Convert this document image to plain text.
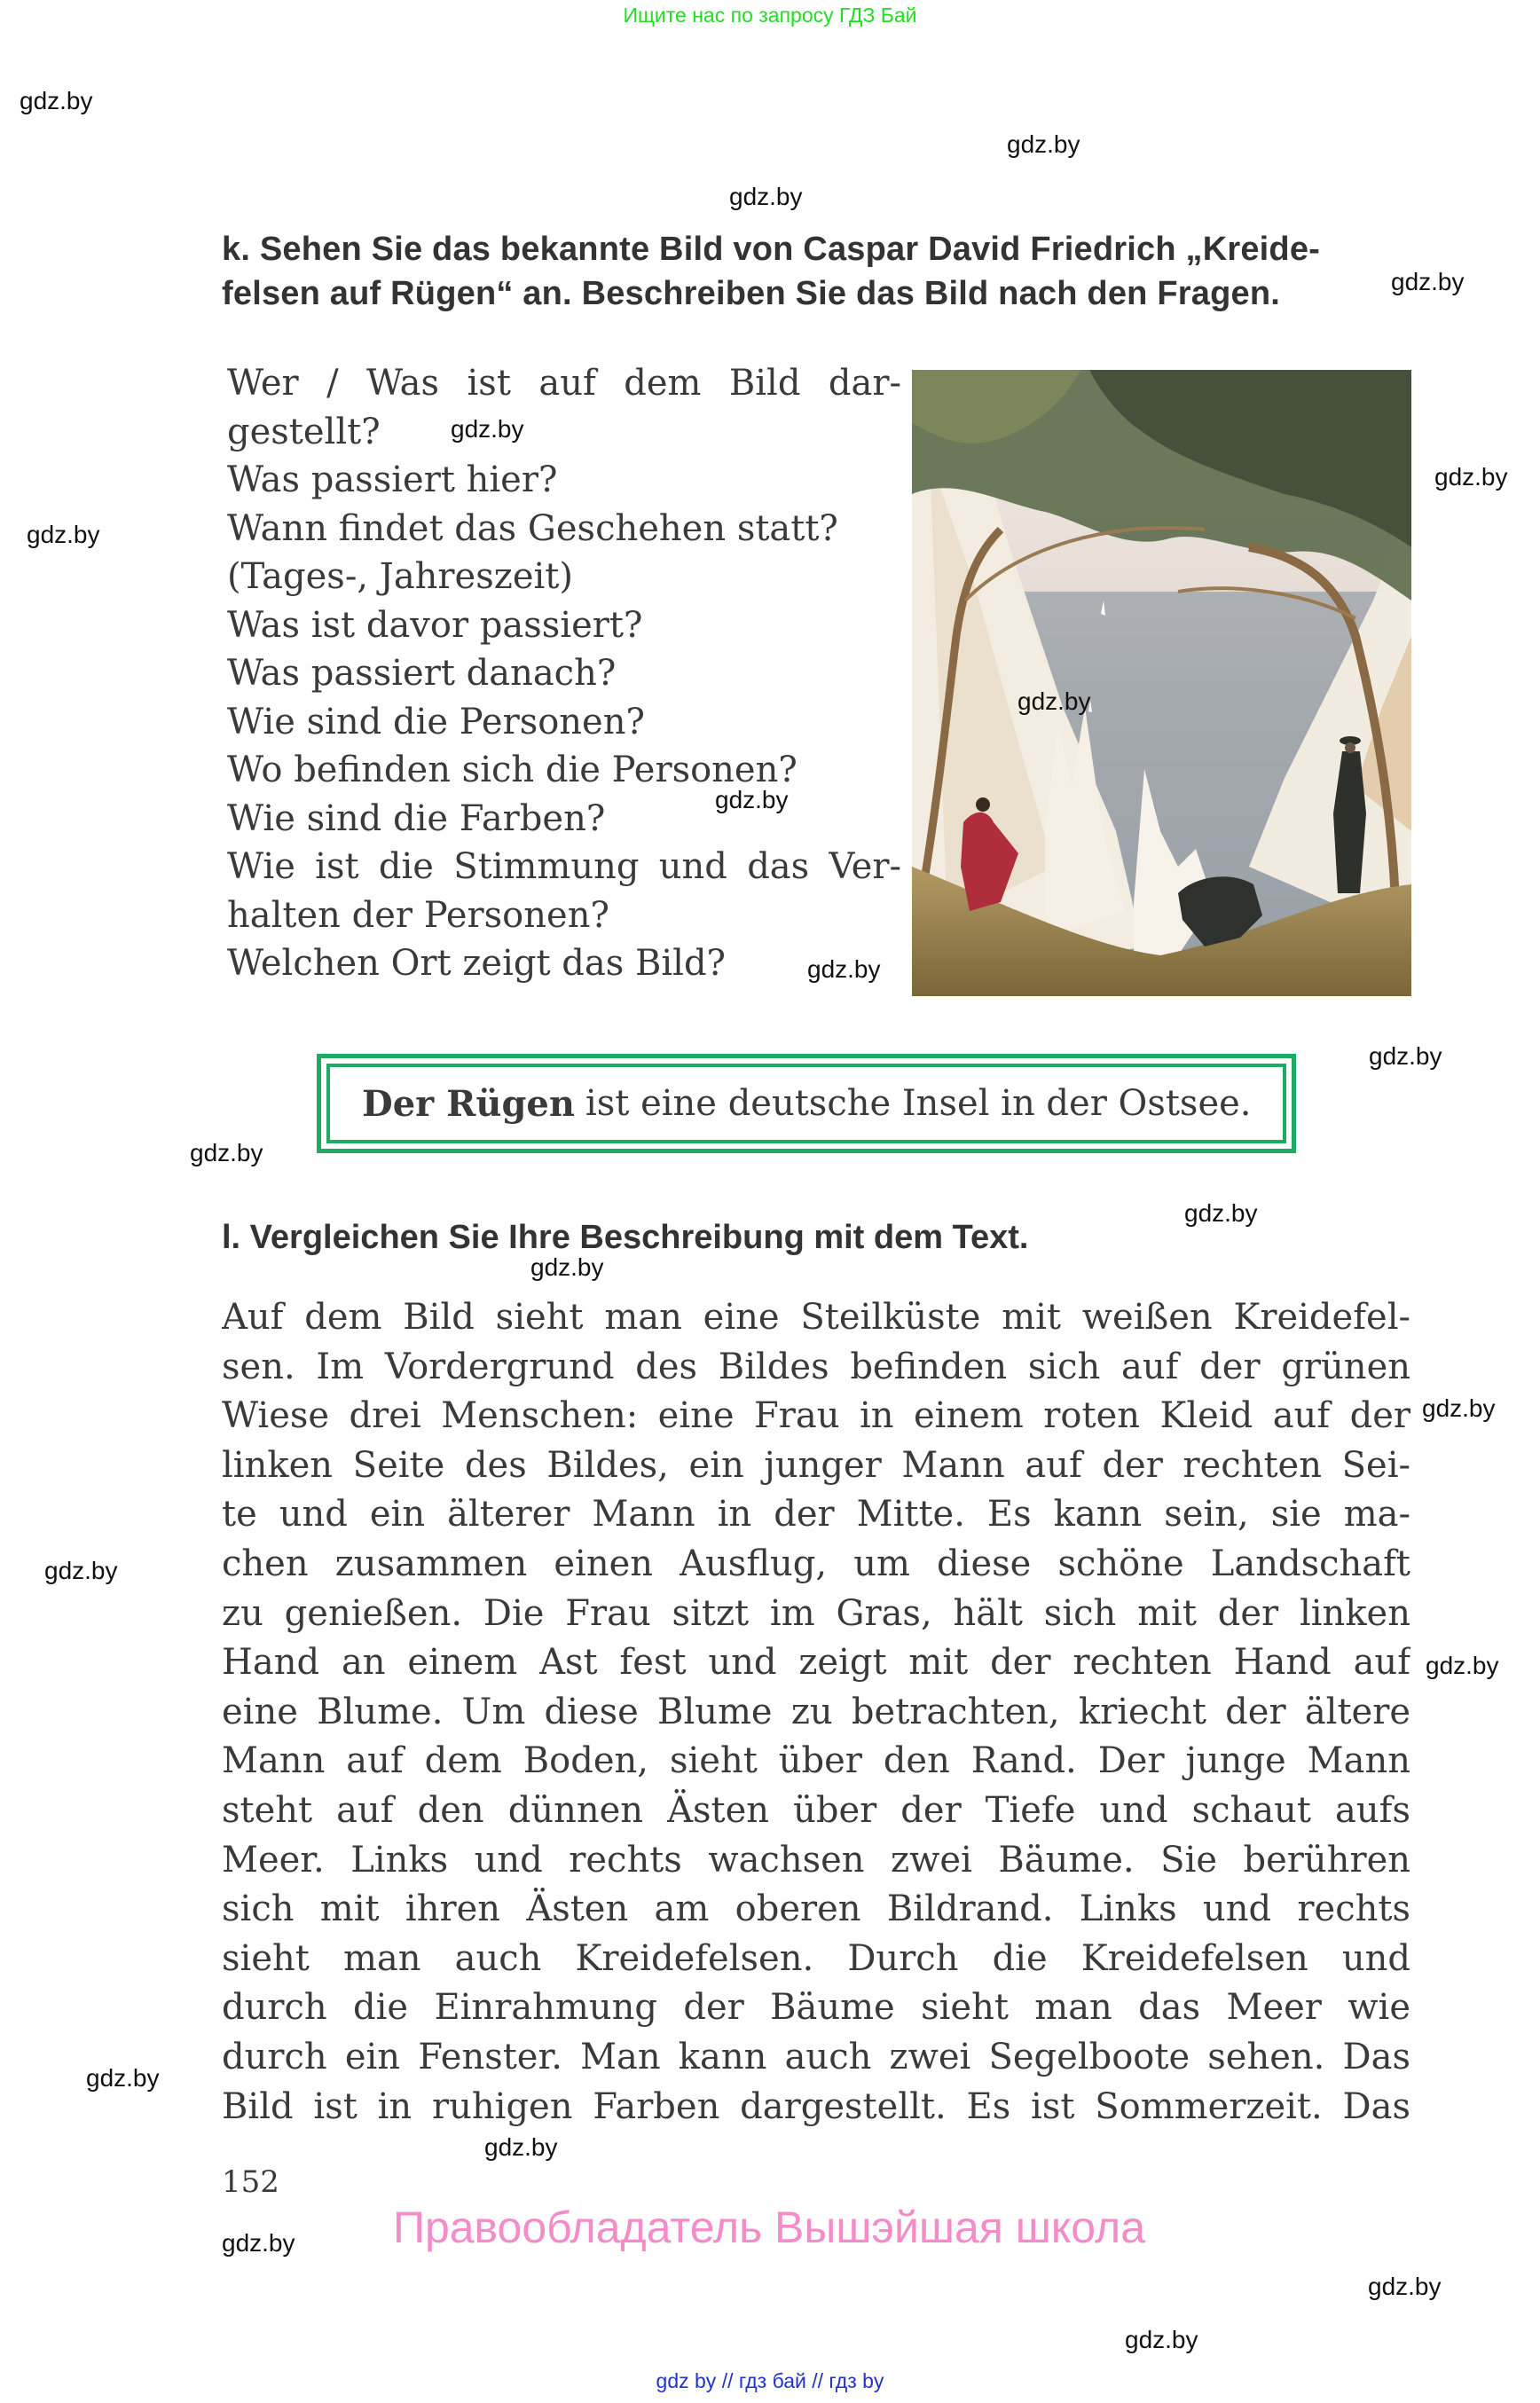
Ищите нас по запросу ГДЗ Бай
k. Sehen Sie das bekannte Bild von Caspar David Friedrich „Kreide-
felsen auf Rügen“ an. Beschreiben Sie das Bild nach den Fragen.
Wer / Was ist auf dem Bild dar-
gestellt?
Was passiert hier?
Wann findet das Geschehen statt?
(Tages-, Jahreszeit)
Was ist davor passiert?
Was passiert danach?
Wie sind die Personen?
Wo befinden sich die Personen?
Wie sind die Farben?
Wie ist die Stimmung und das Ver-
halten der Personen?
Welchen Ort zeigt das Bild?
Der Rügen ist eine deutsche Insel in der Ostsee.
l. Vergleichen Sie Ihre Beschreibung mit dem Text.
Auf dem Bild sieht man eine Steilküste mit weißen Kreidefel-
sen. Im Vordergrund des Bildes befinden sich auf der grünen
Wiese drei Menschen: eine Frau in einem roten Kleid auf der
linken Seite des Bildes, ein junger Mann auf der rechten Sei-
te und ein älterer Mann in der Mitte. Es kann sein, sie ma-
chen zusammen einen Ausflug, um diese schöne Landschaft
zu genießen. Die Frau sitzt im Gras, hält sich mit der linken
Hand an einem Ast fest und zeigt mit der rechten Hand auf
eine Blume. Um diese Blume zu betrachten, kriecht der ältere
Mann auf dem Boden, sieht über den Rand. Der junge Mann
steht auf den dünnen Ästen über der Tiefe und schaut aufs
Meer. Links und rechts wachsen zwei Bäume. Sie berühren
sich mit ihren Ästen am oberen Bildrand. Links und rechts
sieht man auch Kreidefelsen. Durch die Kreidefelsen und
durch die Einrahmung der Bäume sieht man das Meer wie
durch ein Fenster. Man kann auch zwei Segelboote sehen. Das
Bild ist in ruhigen Farben dargestellt. Es ist Sommerzeit. Das
152
Правообладатель Вышэйшая школа
gdz by // гдз бай // гдз by
gdz.by
gdz.by
gdz.by
gdz.by
gdz.by
gdz.by
gdz.by
gdz.by
gdz.by
gdz.by
gdz.by
gdz.by
gdz.by
gdz.by
gdz.by
gdz.by
gdz.by
gdz.by
gdz.by
gdz.by
gdz.by
gdz.by
